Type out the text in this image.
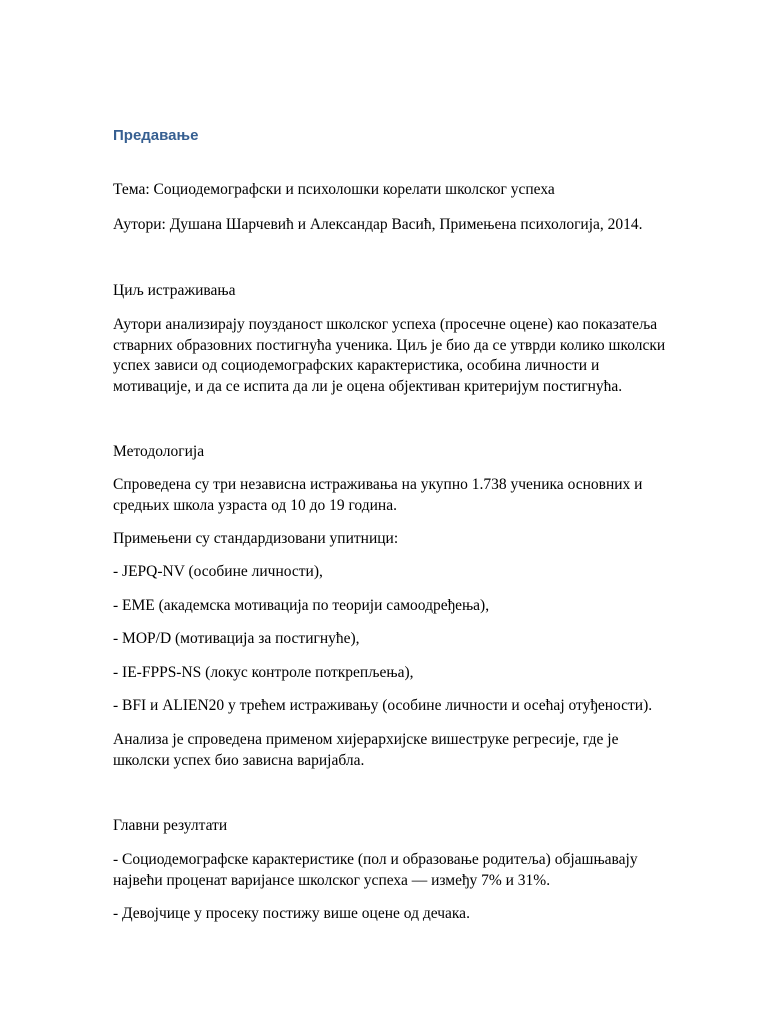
Предавање
Тема: Социодемографски и психолошки корелати школског успеха
Аутори: Душана Шарчевић и Александар Васић, Примењена психологија, 2014.
Циљ истраживања
Аутори анализирају поузданост школског успеха (просечне оцене) као показатеља
стварних образовних постигнућа ученика. Циљ је био да се утврди колико школски
успех зависи од социодемографских карактеристика, особина личности и
мотивације, и да се испита да ли је оцена објективан критеријум постигнућа.
Методологија
Спроведена су три независна истраживања на укупно 1.738 ученика основних и
средњих школа узраста од 10 до 19 година.
Примењени су стандардизовани упитници:
- JEPQ-NV (особине личности),
- EME (академска мотивација по теорији самоодређења),
- MOP/D (мотивација за постигнуће),
- IE-FPPS-NS (локус контроле поткрепљења),
- BFI и ALIEN20 у трећем истраживању (особине личности и осећај отуђености).
Анализа је спроведена применом хијерархијске вишеструке регресије, где је
школски успех био зависна варијабла.
Главни резултати
- Социодемографске карактеристике (пол и образовање родитеља) објашњавају
највећи проценат варијансе школског успеха — између 7% и 31%.
- Девојчице у просеку постижу више оцене од дечака.
